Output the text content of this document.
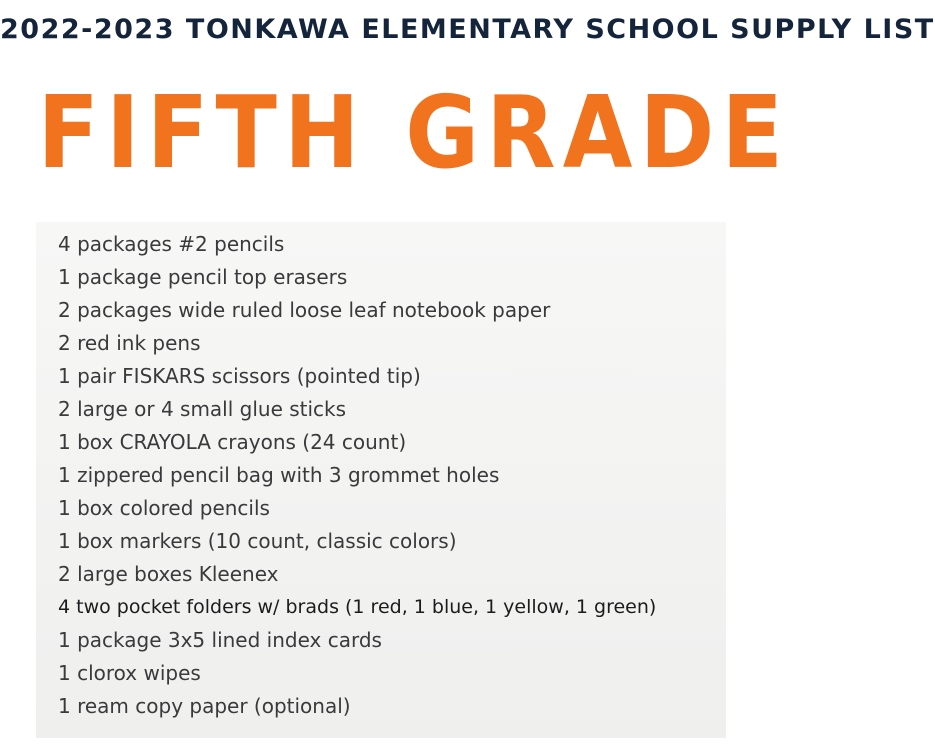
2022-2023 TONKAWA ELEMENTARY SCHOOL SUPPLY LIST
FIFTH GRADE
4 packages #2 pencils
1 package pencil top erasers
2 packages wide ruled loose leaf notebook paper
2 red ink pens
1 pair FISKARS scissors (pointed tip)
2 large or 4 small glue sticks
1 box CRAYOLA crayons (24 count)
1 zippered pencil bag with 3 grommet holes
1 box colored pencils
1 box markers (10 count, classic colors)
2 large boxes Kleenex
4 two pocket folders w/ brads (1 red, 1 blue, 1 yellow, 1 green)
1 package 3x5 lined index cards
1 clorox wipes
1 ream copy paper (optional)
